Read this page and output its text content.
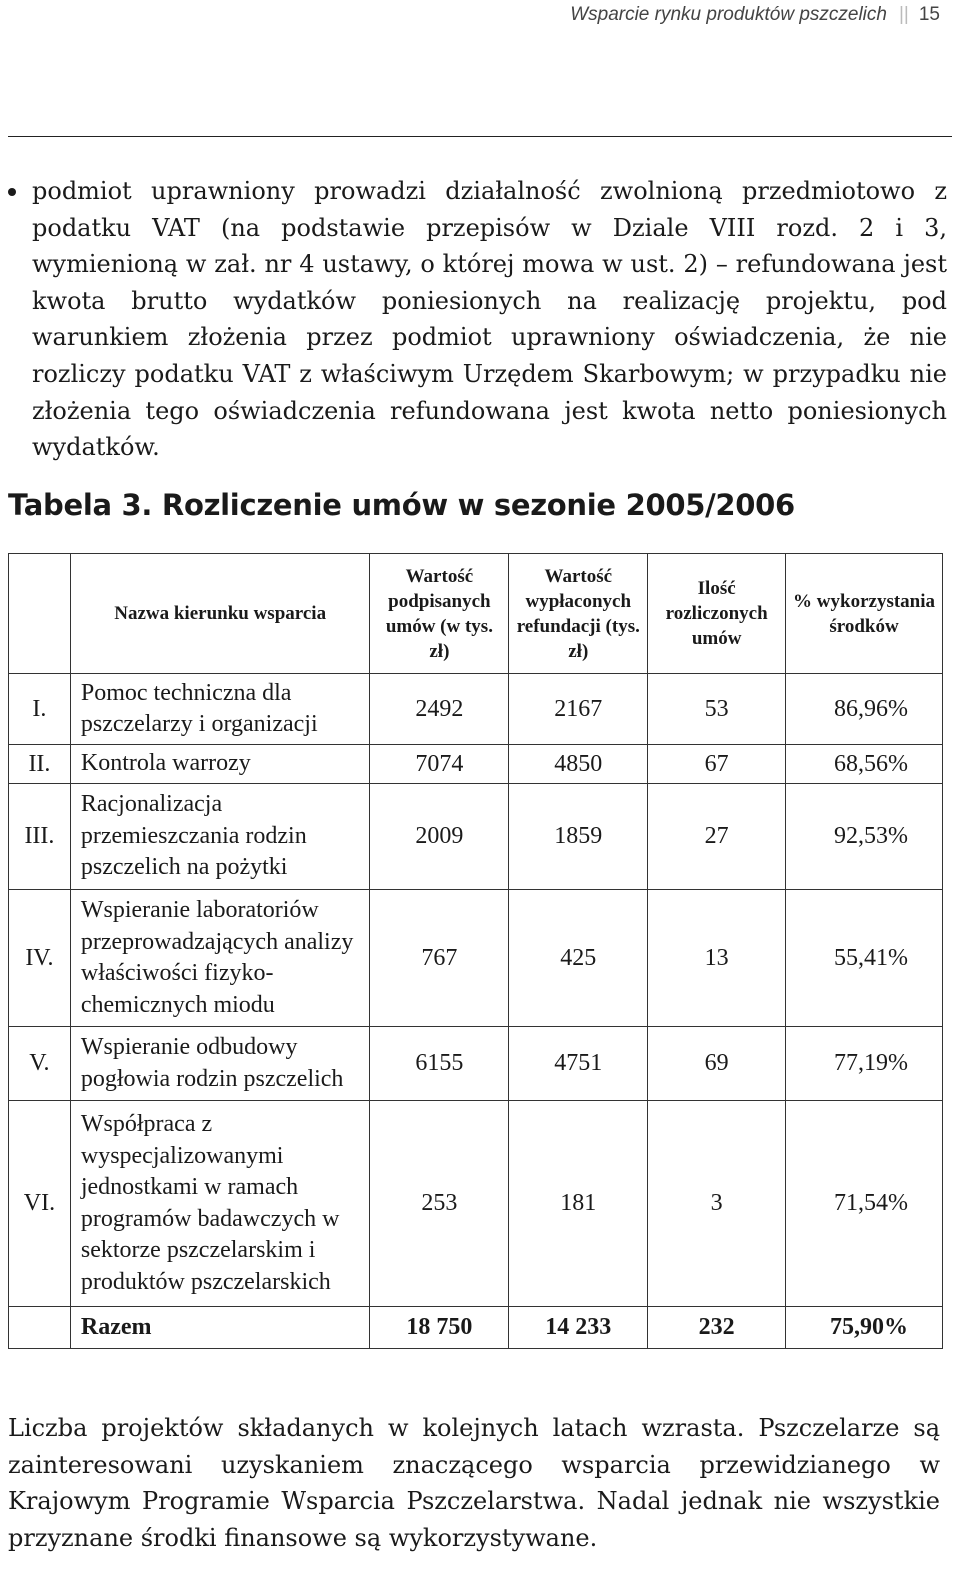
Wsparcie rynku produktów pszczelich || 15

podmiot uprawniony prowadzi działalność zwolnioną przedmiotowo z podatku VAT (na podstawie przepisów w Dziale VIII rozd. 2 i 3, wymienioną w zał. nr 4 ustawy, o której mowa w ust. 2) – refundowana jest kwota brutto wydatków poniesionych na realizację projektu, pod warunkiem złożenia przez podmiot uprawniony oświadczenia, że nie rozliczy podatku VAT z właściwym Urzędem Skarbowym; w przypadku nie złożenia tego oświadczenia refundowana jest kwota netto poniesionych wydatków.

Tabela 3. Rozliczenie umów w sezonie 2005/2006
	Nazwa kierunku wsparcia	Wartość podpisanych umów (w tys. zł)	Wartość wypłaconych refundacji (tys. zł)	Ilość rozliczonych umów	% wykorzystania środków
I.	Pomoc techniczna dla pszczelarzy i organizacji	2492	2167	53	86,96%
II.	Kontrola warrozy	7074	4850	67	68,56%
III.	Racjonalizacja przemieszczania rodzin pszczelich na pożytki	2009	1859	27	92,53%
IV.	Wspieranie laboratoriów przeprowadzających analizy właściwości fizyko-chemicznych miodu	767	425	13	55,41%
V.	Wspieranie odbudowy pogłowia rodzin pszczelich	6155	4751	69	77,19%
VI.	Współpraca z wyspecjalizowanymi jednostkami w ramach programów badawczych w sektorze pszczelarskim i produktów pszczelarskich	253	181	3	71,54%
	Razem	18 750	14 233	232	75,90%

Liczba projektów składanych w kolejnych latach wzrasta. Pszczelarze są zainteresowani uzyskaniem znaczącego wsparcia przewidzianego w Krajowym Programie Wsparcia Pszczelarstwa. Nadal jednak nie wszystkie przyznane środki finansowe są wykorzystywane.
